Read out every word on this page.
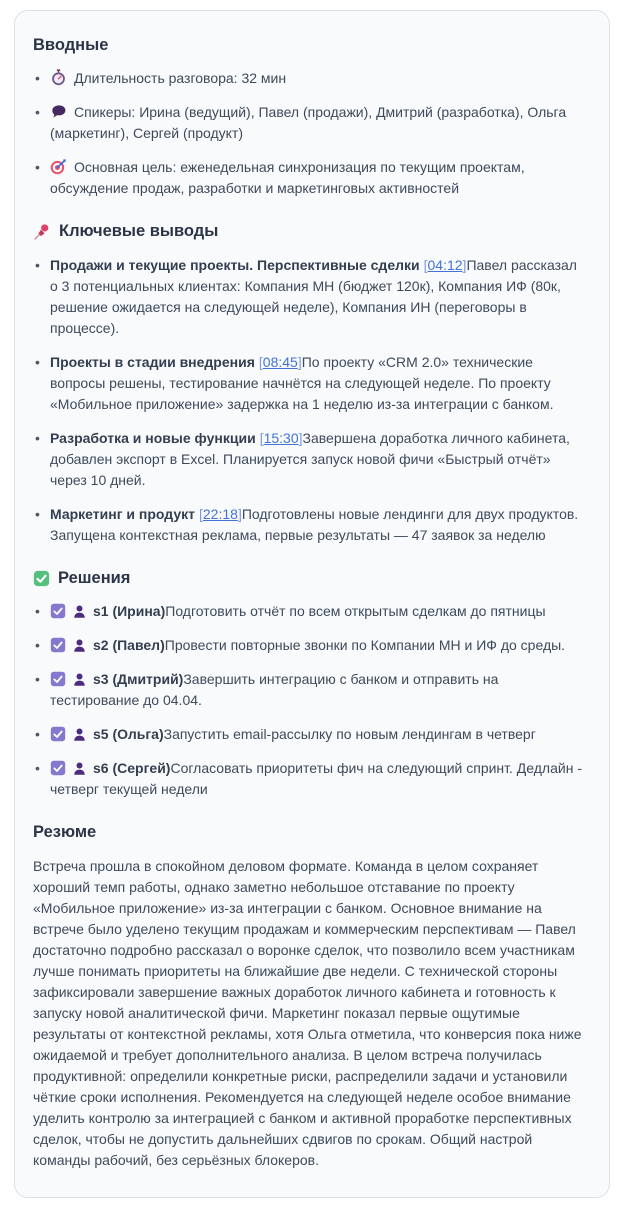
Вводные
• Длительность разговора: 32 мин
• Спикеры: Ирина (ведущий), Павел (продажи), Дмитрий (разработка), Ольга (маркетинг), Сергей (продукт)
• Основная цель: еженедельная синхронизация по текущим проектам, обсуждение продаж, разработки и маркетинговых активностей
Ключевые выводы
• Продажи и текущие проекты. Перспективные сделки [04:12]Павел рассказал о 3 потенциальных клиентах: Компания МН (бюджет 120к), Компания ИФ (80к, решение ожидается на следующей неделе), Компания ИН (переговоры в процессе).
• Проекты в стадии внедрения [08:45]По проекту «CRM 2.0» технические вопросы решены, тестирование начнётся на следующей неделе. По проекту «Мобильное приложение» задержка на 1 неделю из-за интеграции с банком.
• Разработка и новые функции [15:30]Завершена доработка личного кабинета, добавлен экспорт в Excel. Планируется запуск новой фичи «Быстрый отчёт» через 10 дней.
• Маркетинг и продукт [22:18]Подготовлены новые лендинги для двух продуктов. Запущена контекстная реклама, первые результаты — 47 заявок за неделю
Решения
• s1 (Ирина)Подготовить отчёт по всем открытым сделкам до пятницы
• s2 (Павел)Провести повторные звонки по Компании МН и ИФ до среды.
• s3 (Дмитрий)Завершить интеграцию с банком и отправить на тестирование до 04.04.
• s5 (Ольга)Запустить email-рассылку по новым лендингам в четверг
• s6 (Сергей)Согласовать приоритеты фич на следующий спринт. Дедлайн - четверг текущей недели
Резюме

Встреча прошла в спокойном деловом формате. Команда в целом сохраняет хороший темп работы, однако заметно небольшое отставание по проекту «Мобильное приложение» из-за интеграции с банком. Основное внимание на встрече было уделено текущим продажам и коммерческим перспективам — Павел достаточно подробно рассказал о воронке сделок, что позволило всем участникам лучше понимать приоритеты на ближайшие две недели. С технической стороны зафиксировали завершение важных доработок личного кабинета и готовность к запуску новой аналитической фичи. Маркетинг показал первые ощутимые результаты от контекстной рекламы, хотя Ольга отметила, что конверсия пока ниже ожидаемой и требует дополнительного анализа. В целом встреча получилась продуктивной: определили конкретные риски, распределили задачи и установили чёткие сроки исполнения. Рекомендуется на следующей неделе особое внимание уделить контролю за интеграцией с банком и активной проработке перспективных сделок, чтобы не допустить дальнейших сдвигов по срокам. Общий настрой команды рабочий, без серьёзных блокеров.
